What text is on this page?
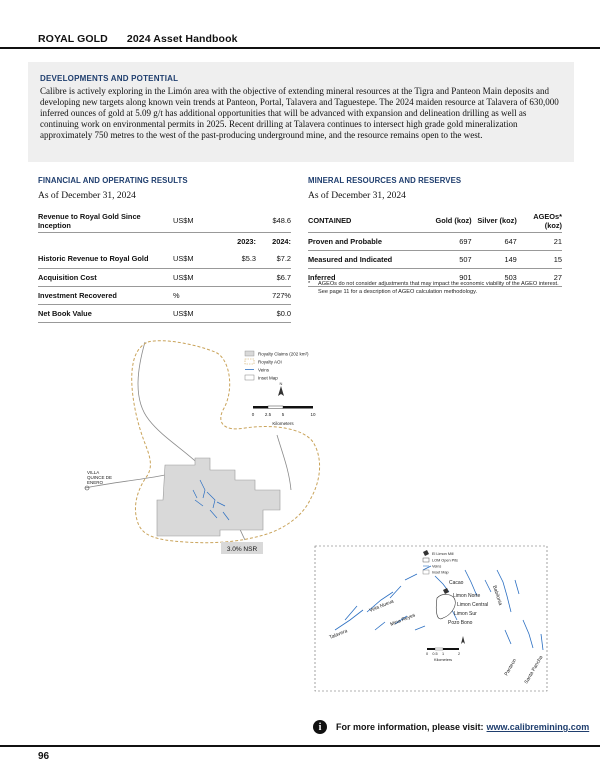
ROYAL GOLD 2024 Asset Handbook
DEVELOPMENTS AND POTENTIAL
Calibre is actively exploring in the Limón area with the objective of extending mineral resources at the Tigra and Panteon Main deposits and developing new targets along known vein trends at Panteon, Portal, Talavera and Taguestepe. The 2024 maiden resource at Talavera of 630,000 inferred ounces of gold at 5.09 g/t has additional opportunities that will be advanced with expansion and delineation drilling as well as continuing work on environmental permits in 2025. Recent drilling at Talavera continues to intersect high grade gold mineralization approximately 750 metres to the west of the past-producing underground mine, and the resource remains open to the west.
FINANCIAL AND OPERATING RESULTS
As of December 31, 2024
Revenue to Royal Gold Since Inception	US$M		$48.6
		2023:	2024:
Historic Revenue to Royal Gold	US$M	$5.3	$7.2
Acquisition Cost	US$M		$6.7
Investment Recovered	%		727%
Net Book Value	US$M		$0.0
MINERAL RESOURCES AND RESERVES
As of December 31, 2024
CONTAINED	Gold (koz)	Silver (koz)	AGEOs* (koz)
Proven and Probable	697	647	21
Measured and Indicated	507	149	15
Inferred	901	503	27
*	AGEOs do not consider adjustments that may impact the economic viability of the AGEO interest. See page 11 for a description of AGEO calculation methodology.
3.0% NSR
VILLA QUINCE DE ENERO
Royalty Claims (202 km²)
Royalty AOI
Veins
Inset Map
N
0 2.5 5	10
Kilometers
Cacao
Limon Norte
Limon Central
Limon Sur
Pozo Bono
Veta Nueva
Mina Reyes
Talavera
Babilonia
Panteon Santa Pancha
El Limon Mill
LOM Open Pits
Veins
Inset Map
0 0.5 1	2
Kilometers
i	For more information, please visit: www.calibremining.com
96
